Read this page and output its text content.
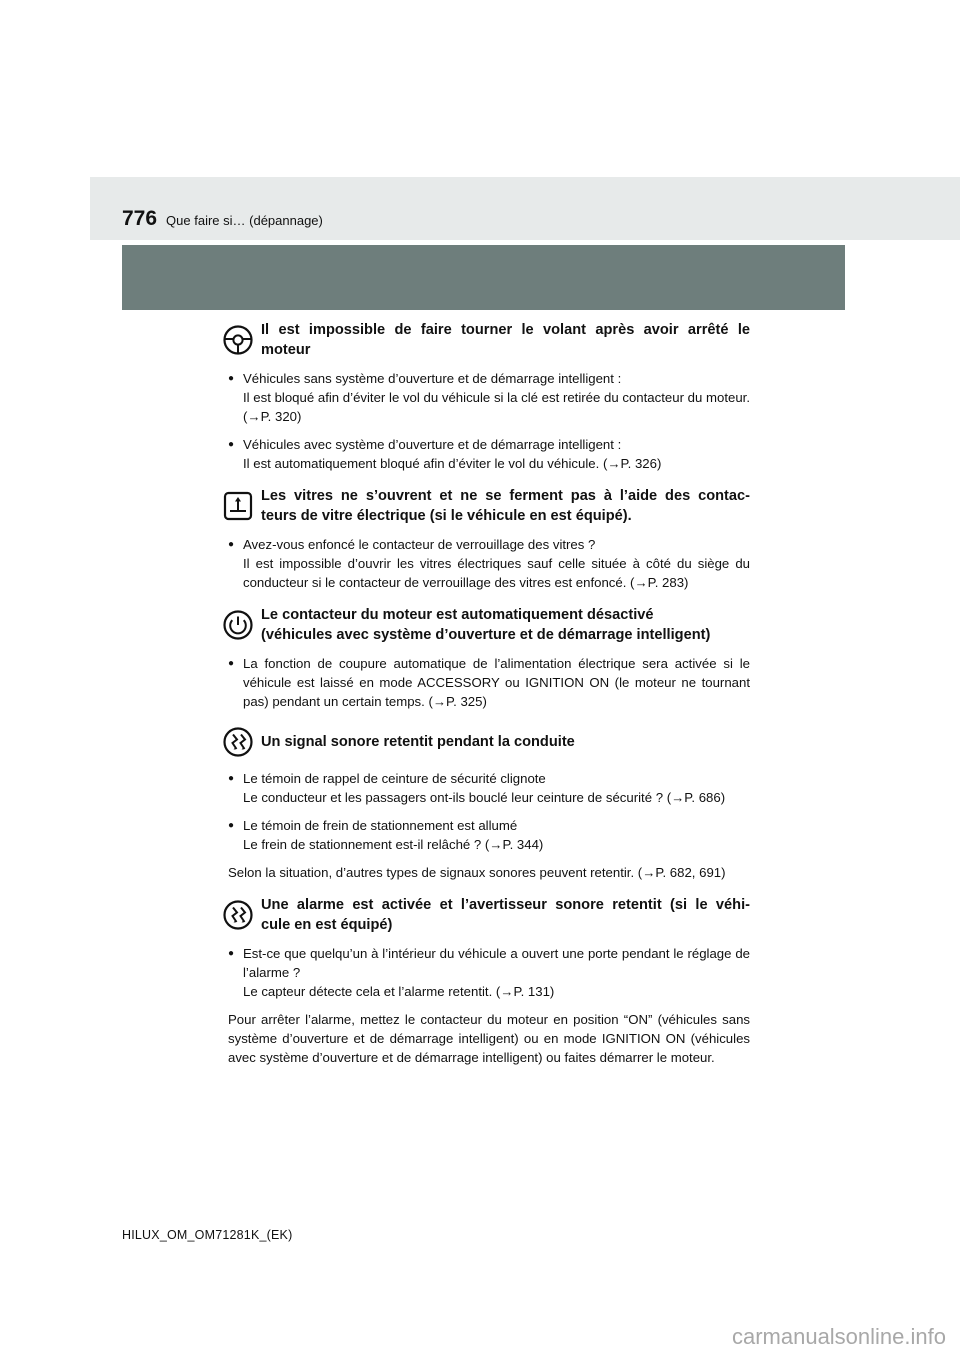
776 Que faire si… (dépannage)
Il est impossible de faire tourner le volant après avoir arrêté le
moteur
● Véhicules sans système d’ouverture et de démarrage intelligent :

Il est bloqué afin d’éviter le vol du véhicule si la clé est retirée du contacteur du moteur. (→P. 320)

● Véhicules avec système d’ouverture et de démarrage intelligent :

Il est automatiquement bloqué afin d’éviter le vol du véhicule. (→P. 326)

Les vitres ne s’ouvrent et ne se ferment pas à l’aide des contac-
teurs de vitre électrique (si le véhicule en est équipé).
● Avez-vous enfoncé le contacteur de verrouillage des vitres ?

Il est impossible d’ouvrir les vitres électriques sauf celle située à côté du siège du conducteur si le contacteur de verrouillage des vitres est enfoncé. (→P. 283)

Le contacteur du moteur est automatiquement désactivé
(véhicules avec système d’ouverture et de démarrage intelligent)
● La fonction de coupure automatique de l’alimentation électrique sera activée si le véhicule est laissé en mode ACCESSORY ou IGNITION ON (le moteur ne tournant pas) pendant un certain temps. (→P. 325)

Un signal sonore retentit pendant la conduite
● Le témoin de rappel de ceinture de sécurité clignote

Le conducteur et les passagers ont-ils bouclé leur ceinture de sécurité ? (→P. 686)

● Le témoin de frein de stationnement est allumé

Le frein de stationnement est-il relâché ? (→P. 344)

Selon la situation, d’autres types de signaux sonores peuvent retentir. (→P. 682, 691)
Une alarme est activée et l’avertisseur sonore retentit (si le véhi-
cule en est équipé)
● Est-ce que quelqu’un à l’intérieur du véhicule a ouvert une porte pendant le réglage de l’alarme ?

Le capteur détecte cela et l’alarme retentit. (→P. 131)

Pour arrêter l’alarme, mettez le contacteur du moteur en position “ON” (véhicules sans système d’ouverture et de démarrage intelligent) ou en mode IGNITION ON (véhicules avec système d’ouverture et de démarrage intelligent) ou faites démarrer le moteur.
HILUX_OM_OM71281K_(EK)
carmanualsonline.info
